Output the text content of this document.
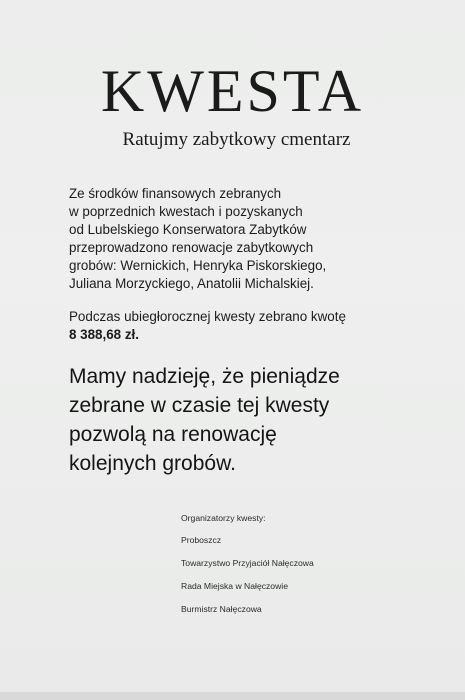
KWESTA

Ratujmy zabytkowy cmentarz

Ze środków finansowych zebranych
w poprzednich kwestach i pozyskanych
od Lubelskiego Konserwatora Zabytków
przeprowadzono renowacje zabytkowych
grobów: Wernickich, Henryka Piskorskiego,
Juliana Morzyckiego, Anatolii Michalskiej.

Podczas ubiegłorocznej kwesty zebrano kwotę
8 388,68 zł.

Mamy nadzieję, że pieniądze
zebrane w czasie tej kwesty
pozwolą na renowację
kolejnych grobów.

Organizatorzy kwesty:
Proboszcz
Towarzystwo Przyjaciół Nałęczowa
Rada Miejska w Nałęczowie
Burmistrz Nałęczowa
